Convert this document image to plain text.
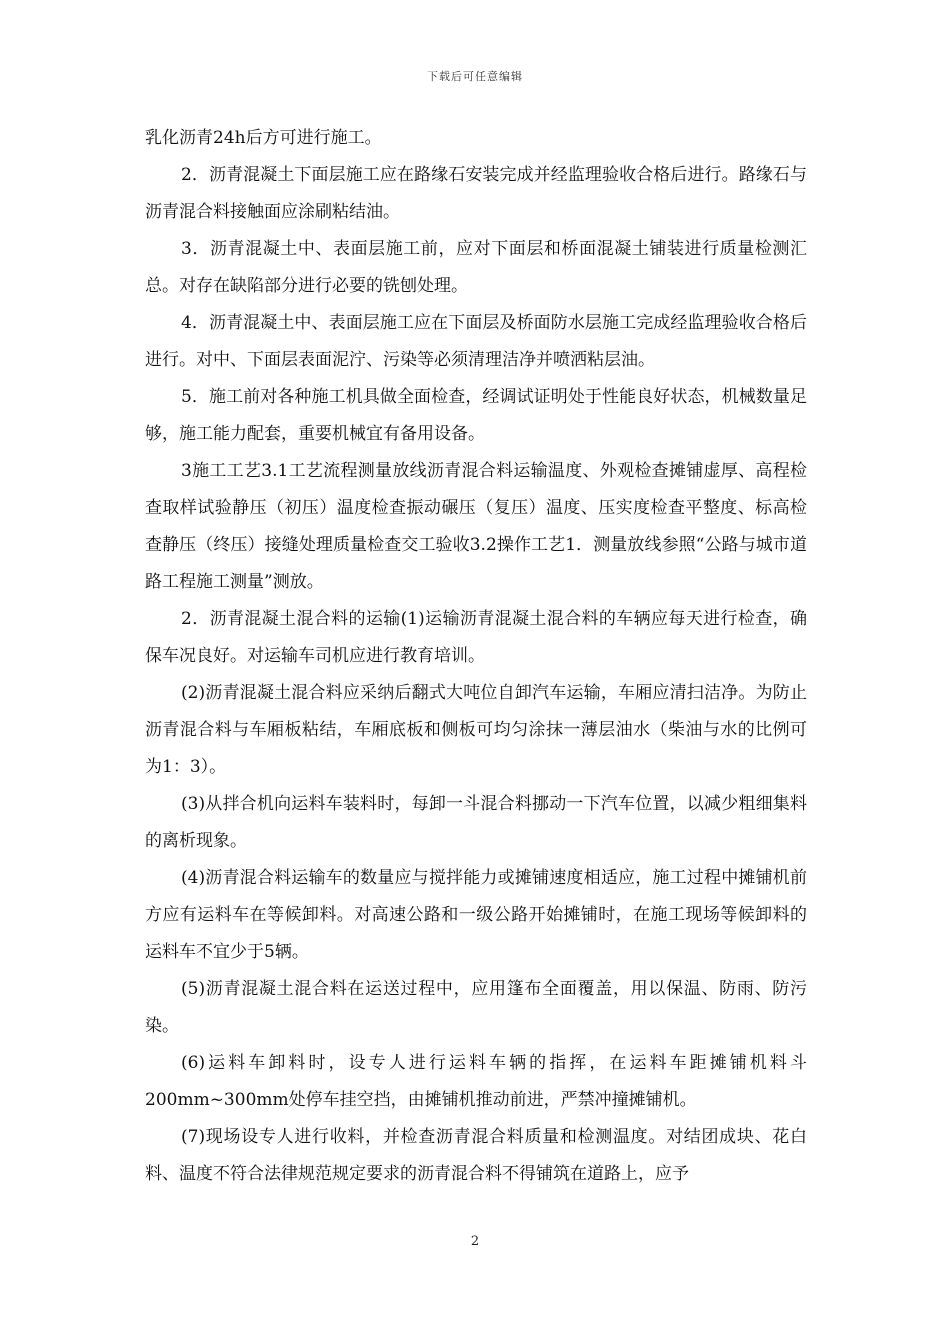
下载后可任意编辑

乳化沥青24h后方可进行施工。

2．沥青混凝土下面层施工应在路缘石安装完成并经监理验收合格后进行。路缘石与沥青混合料接触面应涂刷粘结油。

3．沥青混凝土中、表面层施工前，应对下面层和桥面混凝土铺装进行质量检测汇总。对存在缺陷部分进行必要的铣刨处理。

4．沥青混凝土中、表面层施工应在下面层及桥面防水层施工完成经监理验收合格后进行。对中、下面层表面泥泞、污染等必须清理洁净并喷洒粘层油。

5．施工前对各种施工机具做全面检查，经调试证明处于性能良好状态，机械数量足够，施工能力配套，重要机械宜有备用设备。

3施工工艺3.1工艺流程测量放线沥青混合料运输温度、外观检查摊铺虚厚、高程检查取样试验静压（初压）温度检查振动碾压（复压）温度、压实度检查平整度、标高检查静压（终压）接缝处理质量检查交工验收3.2操作工艺1．测量放线参照“公路与城市道路工程施工测量”测放。

2．沥青混凝土混合料的运输(1)运输沥青混凝土混合料的车辆应每天进行检查，确保车况良好。对运输车司机应进行教育培训。

(2)沥青混凝土混合料应采纳后翻式大吨位自卸汽车运输，车厢应清扫洁净。为防止沥青混合料与车厢板粘结，车厢底板和侧板可均匀涂抹一薄层油水（柴油与水的比例可为1：3）。

(3)从拌合机向运料车装料时，每卸一斗混合料挪动一下汽车位置，以减少粗细集料的离析现象。

(4)沥青混合料运输车的数量应与搅拌能力或摊铺速度相适应，施工过程中摊铺机前方应有运料车在等候卸料。对高速公路和一级公路开始摊铺时，在施工现场等候卸料的运料车不宜少于5辆。

(5)沥青混凝土混合料在运送过程中，应用篷布全面覆盖，用以保温、防雨、防污染。

(6)运料车卸料时，设专人进行运料车辆的指挥，在运料车距摊铺机料斗200mm~300mm处停车挂空挡，由摊铺机推动前进，严禁冲撞摊铺机。

(7)现场设专人进行收料，并检查沥青混合料质量和检测温度。对结团成块、花白料、温度不符合法律规范规定要求的沥青混合料不得铺筑在道路上，应予

2
